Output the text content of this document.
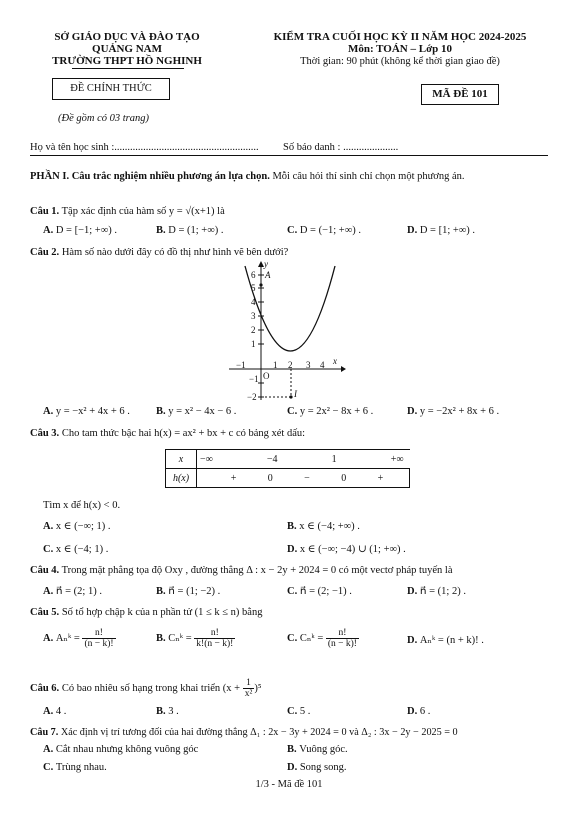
SỞ GIÁO DỤC VÀ ĐÀO TẠO
QUẢNG NAM
TRƯỜNG THPT HỒ NGHINH
KIỂM TRA CUỐI HỌC KỲ II NĂM HỌC 2024-2025
Môn: TOÁN – Lớp 10
Thời gian: 90 phút (không kể thời gian giao đề)
ĐỀ CHÍNH THỨC	MÃ ĐỀ 101
(Đề gồm có 03 trang)
Họ và tên học sinh :....................................................... Số báo danh : .....................
PHẦN I. Câu trắc nghiệm nhiều phương án lựa chọn. Mỗi câu hỏi thí sinh chỉ chọn một phương án.
Câu 1. Tập xác định của hàm số y = √(x+1) là
A. D = [−1; +∞) .	B. D = (1; +∞) .	C. D = (−1; +∞) .	D. D = [1; +∞) .
Câu 2. Hàm số nào dưới đây có đồ thị như hình vẽ bên dưới?
y
x
A
I
O
6
5
4
3
2
1
−1
−2
−1	1 2 3 4
A. y = −x² + 4x + 6 . B. y = x² − 4x − 6 .	C. y = 2x² − 8x + 6 .	D. y = −2x² + 8x + 6 .
Câu 3. Cho tam thức bậc hai h(x) = ax² + bx + c có bảng xét dấu:
x	−∞ −4 1 +∞

h(x)	+ 0 − 0 +
Tìm x để h(x) < 0.
A. x ∈ (−∞; 1) .	B. x ∈ (−4; +∞) .
C. x ∈ (−4; 1) .	D. x ∈ (−∞; −4) ∪ (1; +∞) .
Câu 4. Trong mặt phẳng tọa độ Oxy , đường thẳng Δ : x − 2y + 2024 = 0 có một vectơ pháp tuyến là
A. n⃗ = (2; 1) .	B. n⃗ = (1; −2) .	C. n⃗ = (2; −1) .	D. n⃗ = (1; 2) .
Câu 5. Số tổ hợp chập k của n phần tử (1 ≤ k ≤ n) bằng
A. Aₙᵏ = $\frac{n!}{(n - k)!}$	B. Cₙᵏ = $\frac{n!}{k!(n - k)!}$	C. Cₙᵏ = $\frac{n!}{(n - k)!}$	D. Aₙᵏ = (n + k)! .
Câu 6. Có bao nhiêu số hạng trong khai triển $(x + \frac{1}{\text{x²}} )^5$
A. 4 .	B. 3 .	C. 5 .	D. 6 .
Câu 7. Xác định vị trí tương đối của hai đường thẳng Δ₁ : 2x − 3y + 2024 = 0 và Δ₂ : 3x − 2y − 2025 = 0
A. Cắt nhau nhưng không vuông góc	B. Vuông góc.
C. Trùng nhau.	D. Song song.
1/3 - Mã đề 101
